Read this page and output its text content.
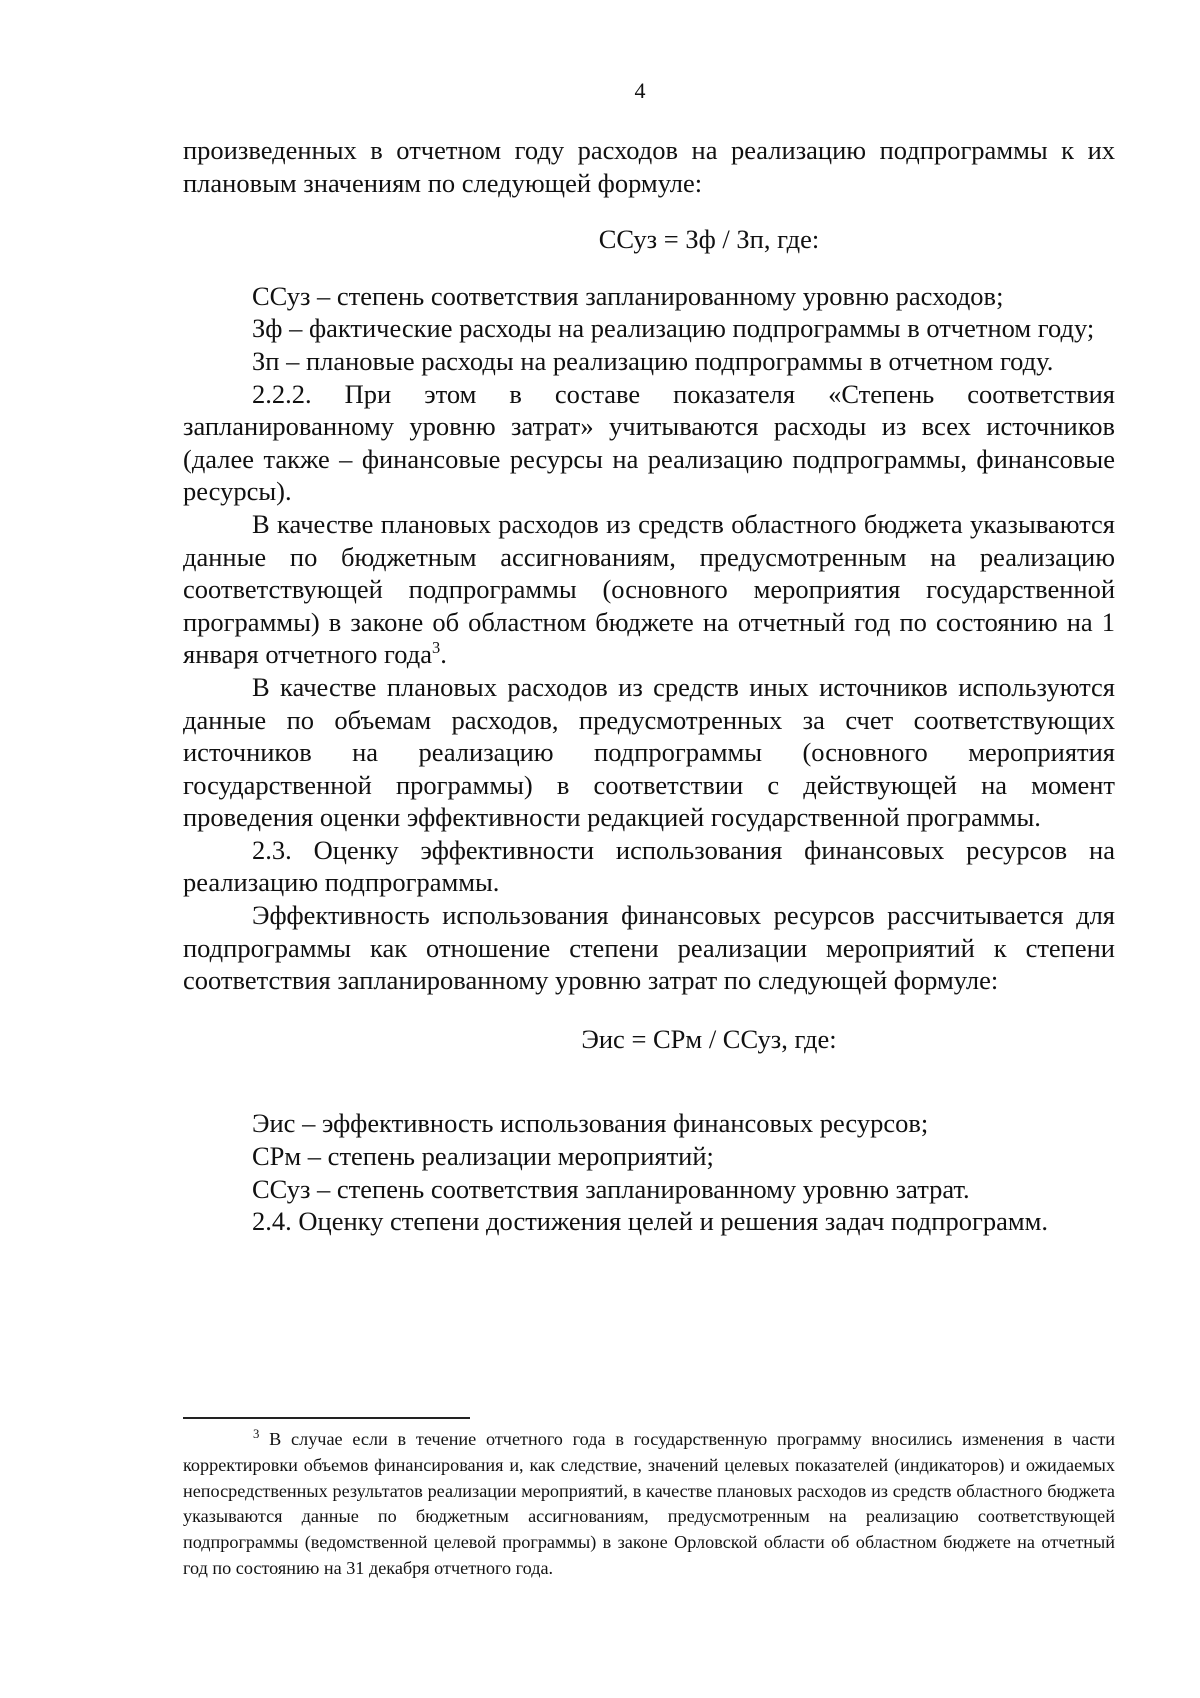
4

произведенных в отчетном году расходов на реализацию подпрограммы к их плановым значениям по следующей формуле:

ССуз = Зф / Зп, где:

ССуз – степень соответствия запланированному уровню расходов;

Зф – фактические расходы на реализацию подпрограммы в отчетном году;

Зп – плановые расходы на реализацию подпрограммы в отчетном году.

2.2.2. При этом в составе показателя «Степень соответствия запланированному уровню затрат» учитываются расходы из всех источников (далее также – финансовые ресурсы на реализацию подпрограммы, финансовые ресурсы).

В качестве плановых расходов из средств областного бюджета указываются данные по бюджетным ассигнованиям, предусмотренным на реализацию соответствующей подпрограммы (основного мероприятия государственной программы) в законе об областном бюджете на отчетный год по состоянию на 1 января отчетного года$^3$.

В качестве плановых расходов из средств иных источников используются данные по объемам расходов, предусмотренных за счет соответствующих источников на реализацию подпрограммы (основного мероприятия государственной программы) в соответствии с действующей на момент проведения оценки эффективности редакцией государственной программы.

2.3. Оценку эффективности использования финансовых ресурсов на реализацию подпрограммы.

Эффективность использования финансовых ресурсов рассчитывается для подпрограммы как отношение степени реализации мероприятий к степени соответствия запланированному уровню затрат по следующей формуле:

Эис = СРм / ССуз, где:

Эис – эффективность использования финансовых ресурсов;

СРм – степень реализации мероприятий;

ССуз – степень соответствия запланированному уровню затрат.

2.4. Оценку степени достижения целей и решения задач подпрограмм.

$^3$ В случае если в течение отчетного года в государственную программу вносились изменения в части корректировки объемов финансирования и, как следствие, значений целевых показателей (индикаторов) и ожидаемых непосредственных результатов реализации мероприятий, в качестве плановых расходов из средств областного бюджета указываются данные по бюджетным ассигнованиям, предусмотренным на реализацию соответствующей подпрограммы (ведомственной целевой программы) в законе Орловской области об областном бюджете на отчетный год по состоянию на 31 декабря отчетного года.
